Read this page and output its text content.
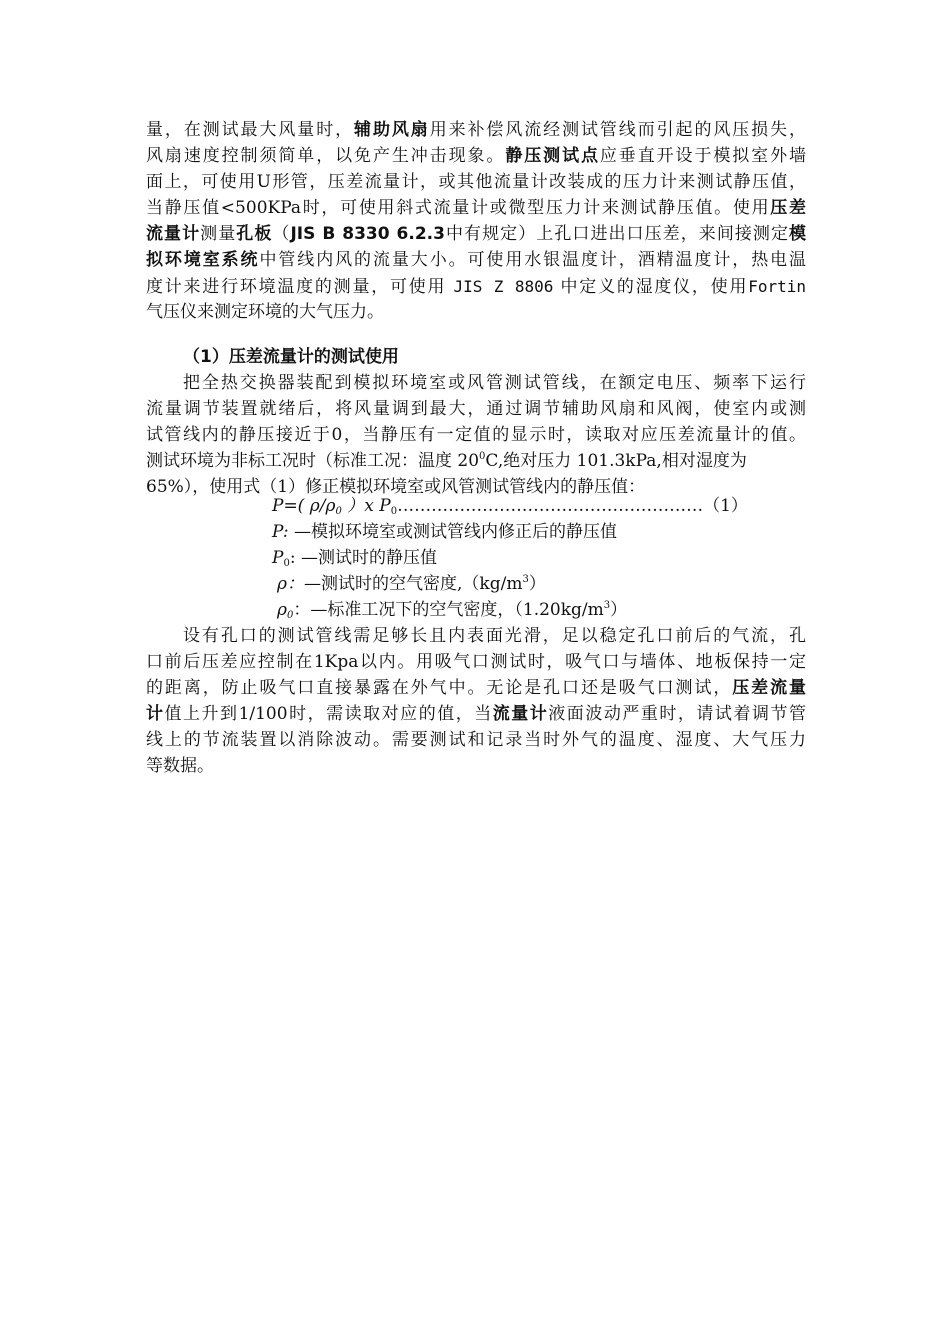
量，在测试最大风量时，辅助风扇用来补偿风流经测试管线而引起的风压损失，
风扇速度控制须简单，以免产生冲击现象。静压测试点应垂直开设于模拟室外墙
面上，可使用U形管，压差流量计，或其他流量计改装成的压力计来测试静压值，
当静压值<500KPa时，可使用斜式流量计或微型压力计来测试静压值。使用压差
流量计测量孔板（JIS B 8330 6.2.3中有规定）上孔口进出口压差，来间接测定模
拟环境室系统中管线内风的流量大小。可使用水银温度计，酒精温度计，热电温
度计来进行环境温度的测量，可使用 JIS Z 8806 中定义的湿度仪，使用Fortin
气压仪来测定环境的大气压力。
（1）压差流量计的测试使用
把全热交换器装配到模拟环境室或风管测试管线，在额定电压、频率下运行
流量调节装置就绪后，将风量调到最大，通过调节辅助风扇和风阀，使室内或测
试管线内的静压接近于0，当静压有一定值的显示时，读取对应压差流量计的值。
测试环境为非标工况时（标准工况：温度 $20^0C$,绝对压力 101.3kPa,相对湿度为
65%），使用式（1）修正模拟环境室或风管测试管线内的静压值：
P=( $\rho/\rho_0$ ）x $P_0\dots\dots\dots\dots\dots\dots\dots\dots\dots\dots\dots\dots\dots\dots\dots\dots\dots\dots(1)$
P: —模拟环境室或测试管线内修正后的静压值
$P_0$: —测试时的静压值
ρ：—测试时的空气密度$,(kg/m^3)$
$\rho_0$：—标准工况下的空气密度，$(1.20kg/m^3)$
设有孔口的测试管线需足够长且内表面光滑，足以稳定孔口前后的气流，孔
口前后压差应控制在1Kpa以内。用吸气口测试时，吸气口与墙体、地板保持一定
的距离，防止吸气口直接暴露在外气中。无论是孔口还是吸气口测试，压差流量
计值上升到1/100时，需读取对应的值，当流量计液面波动严重时，请试着调节管
线上的节流装置以消除波动。需要测试和记录当时外气的温度、湿度、大气压力
等数据。
